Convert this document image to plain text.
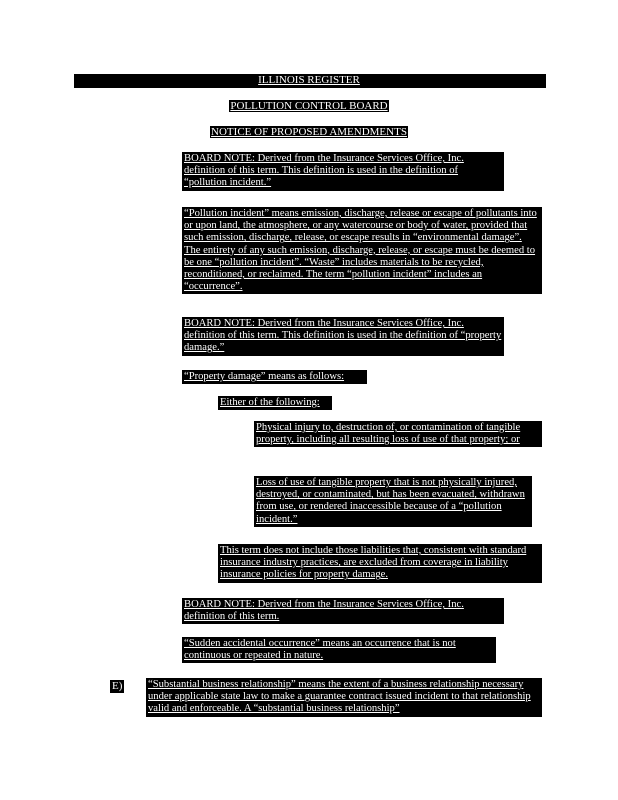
ILLINOIS REGISTER
POLLUTION CONTROL BOARD
NOTICE OF PROPOSED AMENDMENTS

BOARD NOTE: Derived from the Insurance Services Office, Inc. definition of this term. This definition is used in the definition of “pollution incident.”

“Pollution incident” means emission, discharge, release or escape of pollutants into or upon land, the atmosphere, or any watercourse or body of water, provided that such emission, discharge, release, or escape results in “environmental damage”. The entirety of any such emission, discharge, release, or escape must be deemed to be one “pollution incident”. “Waste” includes materials to be recycled, reconditioned, or reclaimed. The term “pollution incident” includes an “occurrence”.

BOARD NOTE: Derived from the Insurance Services Office, Inc. definition of this term. This definition is used in the definition of “property damage.”

“Property damage” means as follows:

Either of the following:

Physical injury to, destruction of, or contamination of tangible property, including all resulting loss of use of that property; or

Loss of use of tangible property that is not physically injured, destroyed, or contaminated, but has been evacuated, withdrawn from use, or rendered inaccessible because of a “pollution incident.”

This term does not include those liabilities that, consistent with standard insurance industry practices, are excluded from coverage in liability insurance policies for property damage.

BOARD NOTE: Derived from the Insurance Services Office, Inc. definition of this term.

“Sudden accidental occurrence” means an occurrence that is not continuous or repeated in nature.

E) “Substantial business relationship” means the extent of a business relationship necessary under applicable state law to make a guarantee contract issued incident to that relationship valid and enforceable. A “substantial business relationship”
